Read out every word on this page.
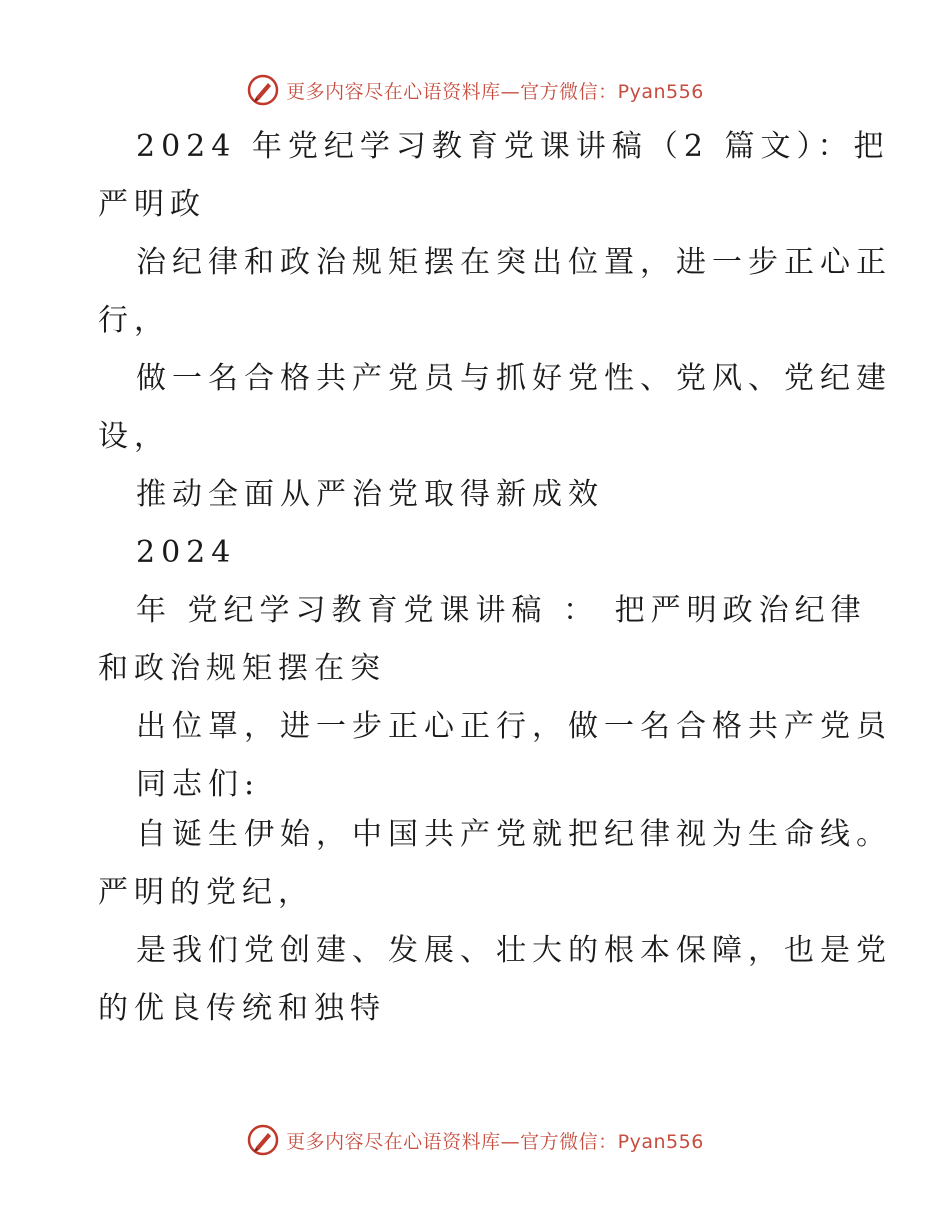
更多内容尽在心语资料库—官方微信：Pyan556
2024 年党纪学习教育党课讲稿（2 篇文）：把
严明政
治纪律和政治规矩摆在突出位置，进一步正心正
行，
做一名合格共产党员与抓好党性、党风、党纪建
设，
推动全面从严治党取得新成效
2024
年 党纪学习教育党课讲稿 ： 把严明政治纪律
和政治规矩摆在突
出位罩，进一步正心正行，做一名合格共产党员
同志们:
自诞生伊始，中国共产党就把纪律视为生命线。
严明的党纪，
是我们党创建、发展、壮大的根本保障，也是党
的优良传统和独特
更多内容尽在心语资料库—官方微信：Pyan556
